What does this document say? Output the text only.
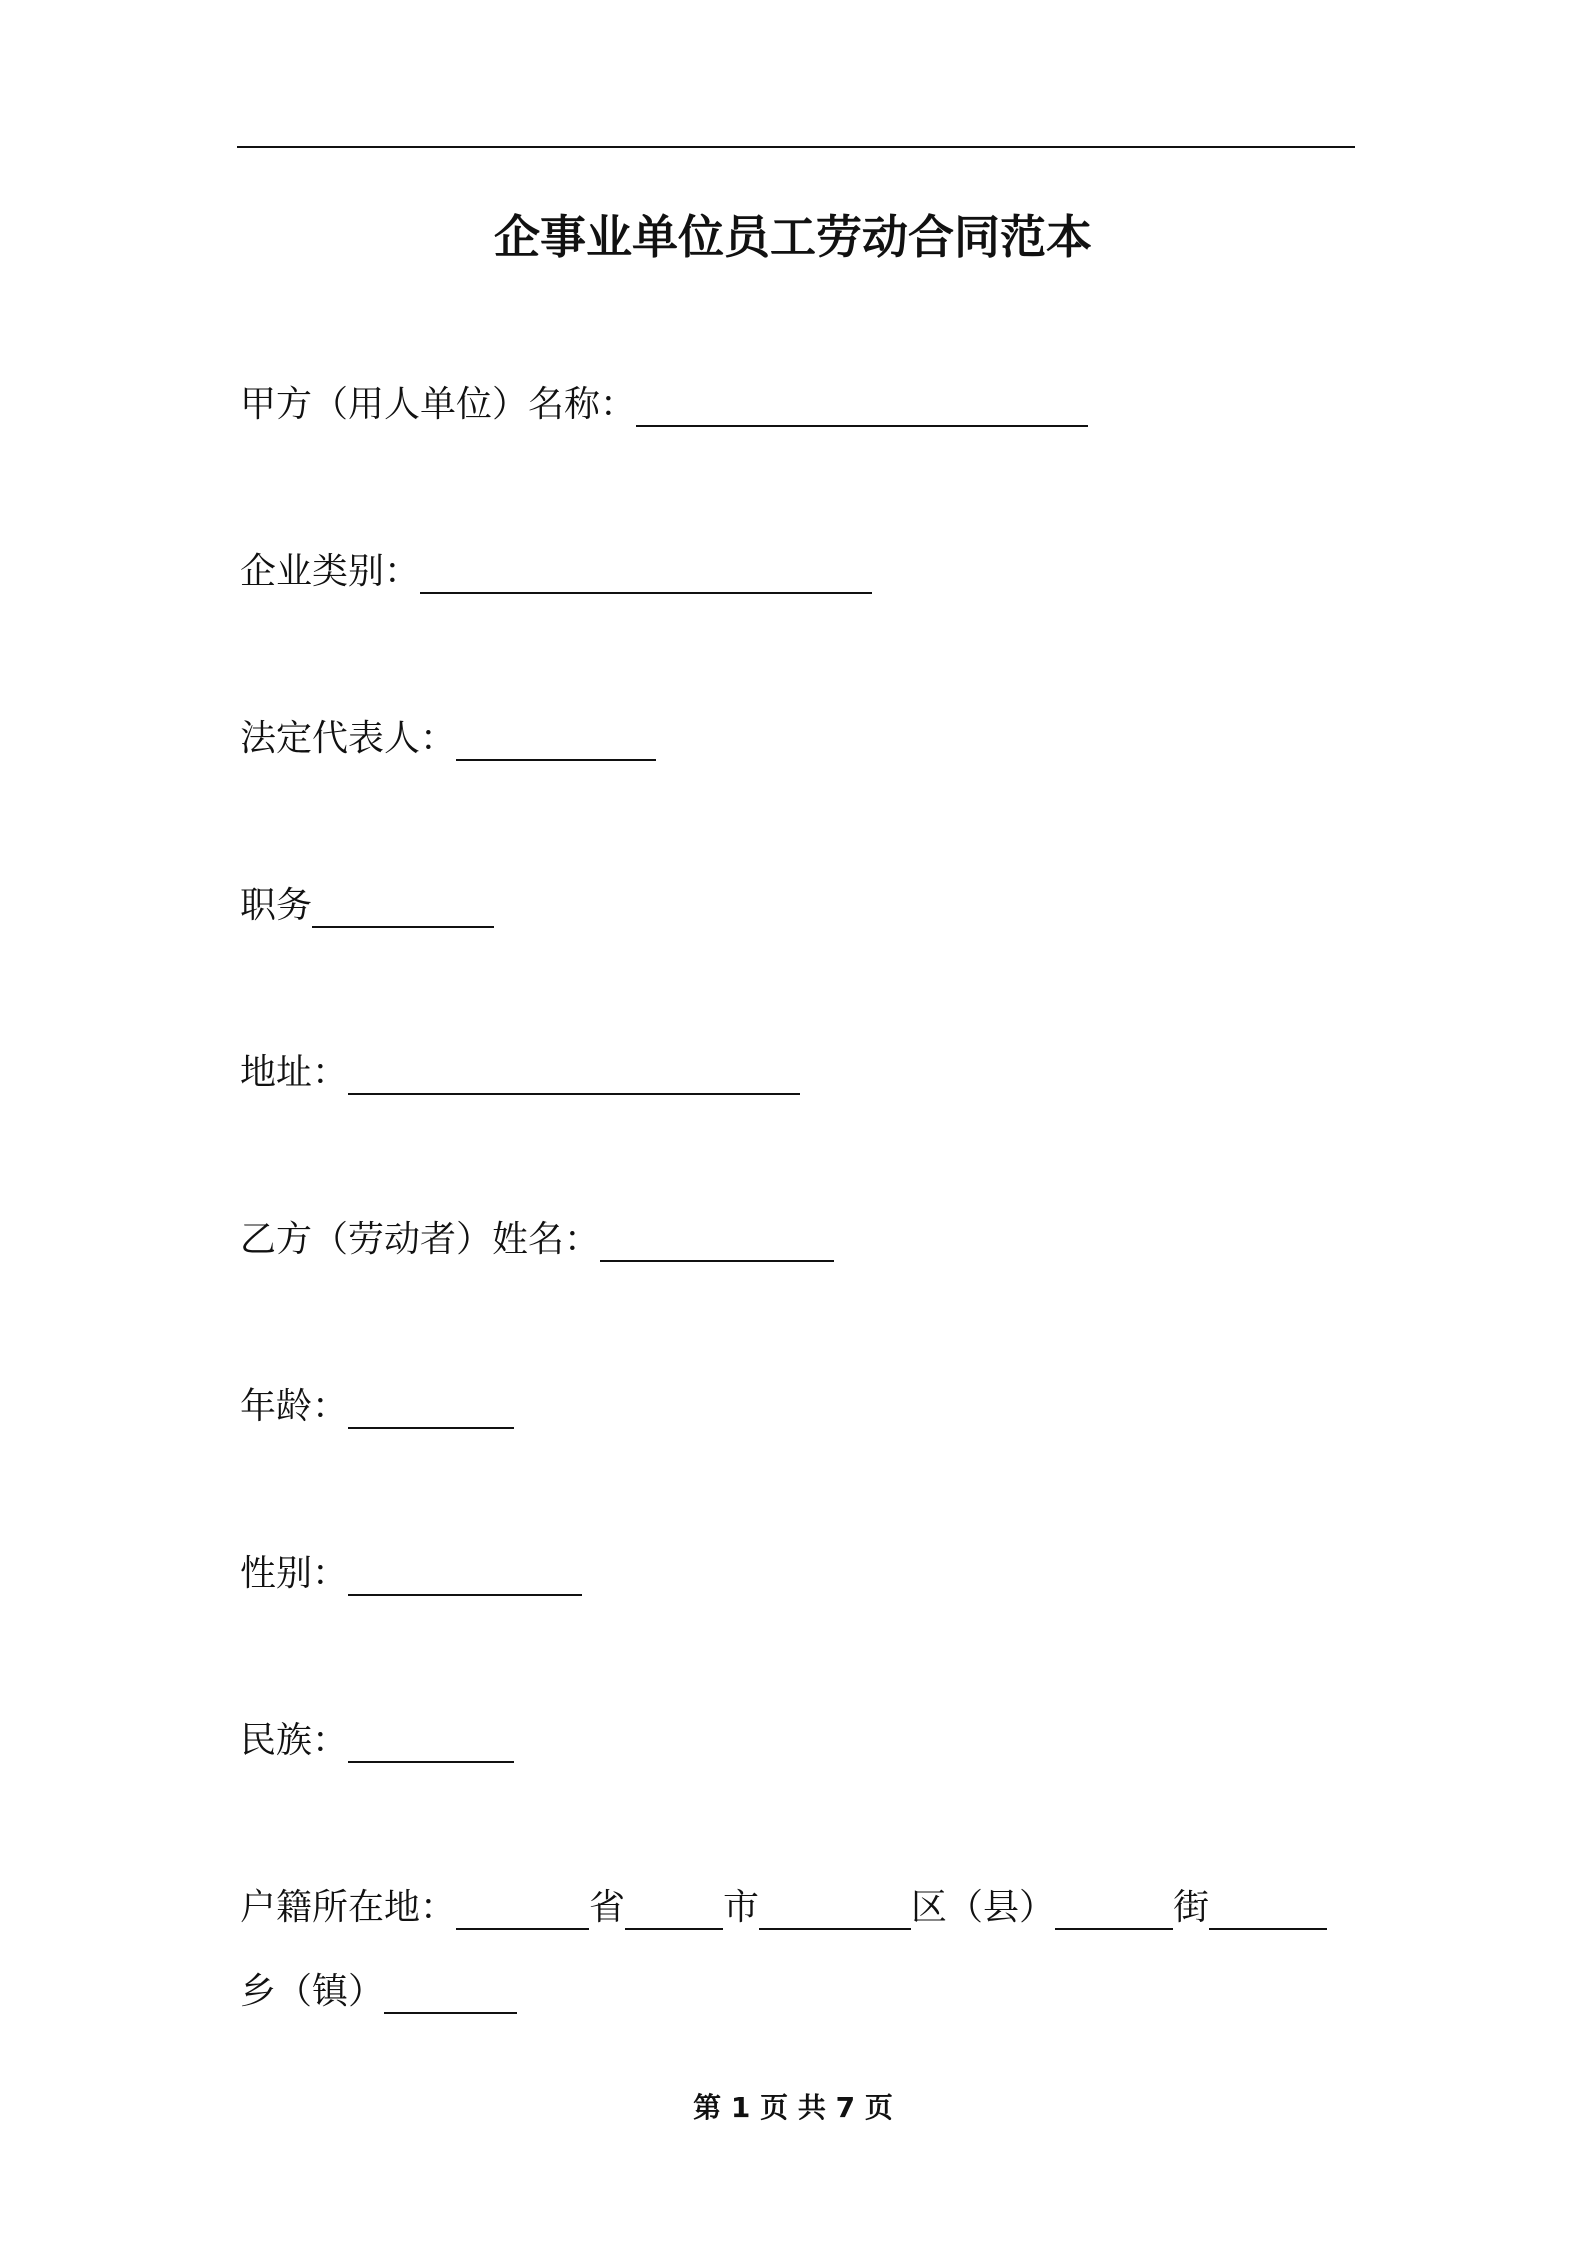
企事业单位员工劳动合同范本
甲方（用人单位）名称：
企业类别：
法定代表人：
职务
地址：
乙方（劳动者）姓名：
年龄：
性别：
民族：
户籍所在地：	省	市	区（县）	街
乡（镇）
第 1 页 共 7 页
